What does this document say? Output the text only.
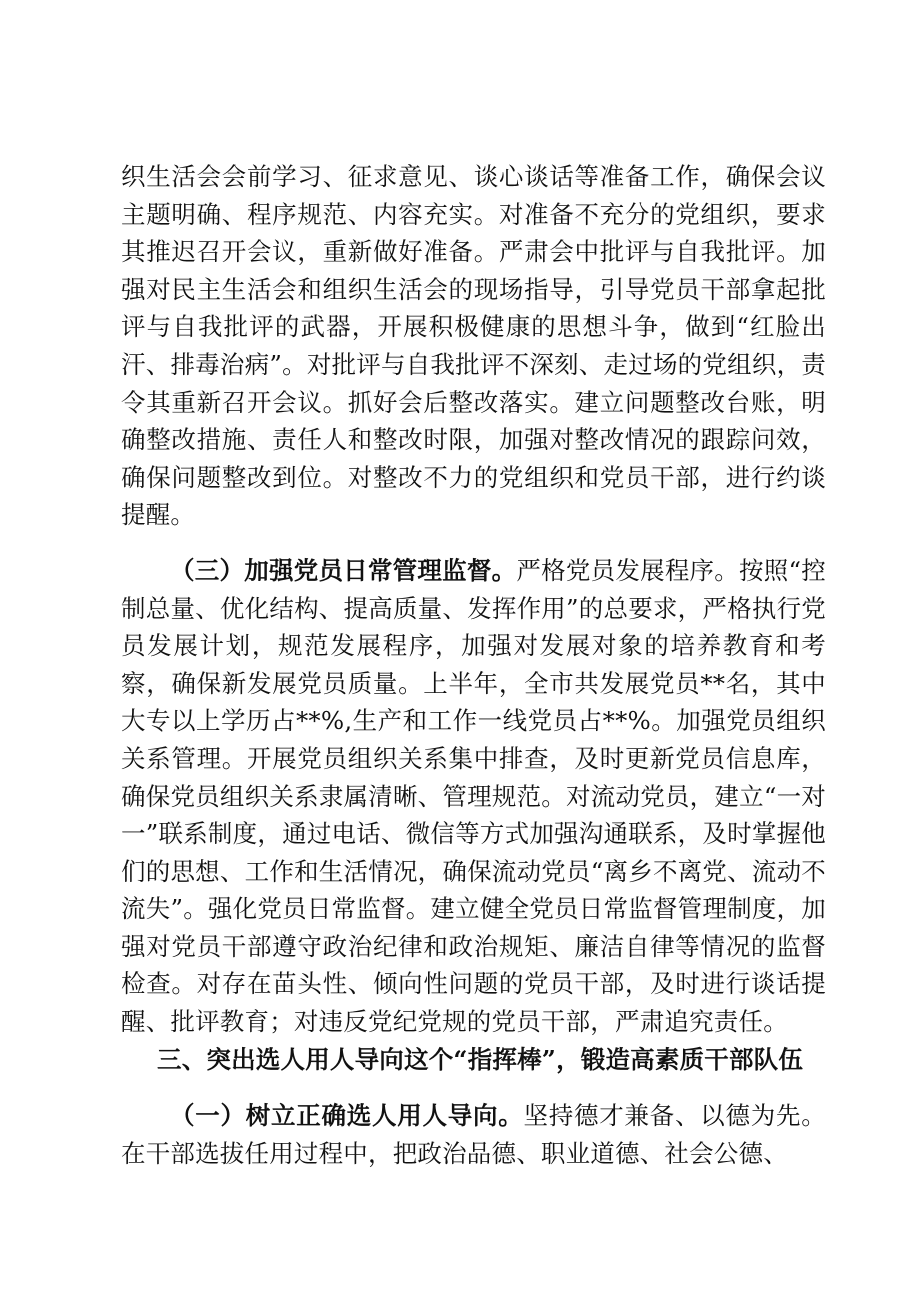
织生活会会前学习、征求意见、谈心谈话等准备工作，确保会议主题明确、程序规范、内容充实。对准备不充分的党组织，要求其推迟召开会议，重新做好准备。严肃会中批评与自我批评。加强对民主生活会和组织生活会的现场指导，引导党员干部拿起批评与自我批评的武器，开展积极健康的思想斗争，做到“红脸出汗、排毒治病”。对批评与自我批评不深刻、走过场的党组织，责令其重新召开会议。抓好会后整改落实。建立问题整改台账，明确整改措施、责任人和整改时限，加强对整改情况的跟踪问效，确保问题整改到位。对整改不力的党组织和党员干部，进行约谈提醒。

（三）加强党员日常管理监督。严格党员发展程序。按照“控制总量、优化结构、提高质量、发挥作用”的总要求，严格执行党员发展计划，规范发展程序，加强对发展对象的培养教育和考察，确保新发展党员质量。上半年，全市共发展党员**名，其中大专以上学历占**%,生产和工作一线党员占**%。加强党员组织关系管理。开展党员组织关系集中排查，及时更新党员信息库，确保党员组织关系隶属清晰、管理规范。对流动党员，建立“一对一”联系制度，通过电话、微信等方式加强沟通联系，及时掌握他们的思想、工作和生活情况，确保流动党员“离乡不离党、流动不流失”。强化党员日常监督。建立健全党员日常监督管理制度，加强对党员干部遵守政治纪律和政治规矩、廉洁自律等情况的监督检查。对存在苗头性、倾向性问题的党员干部，及时进行谈话提醒、批评教育；对违反党纪党规的党员干部，严肃追究责任。

三、突出选人用人导向这个“指挥棒”，锻造高素质干部队伍

（一）树立正确选人用人导向。坚持德才兼备、以德为先。在干部选拔任用过程中，把政治品德、职业道德、社会公德、
